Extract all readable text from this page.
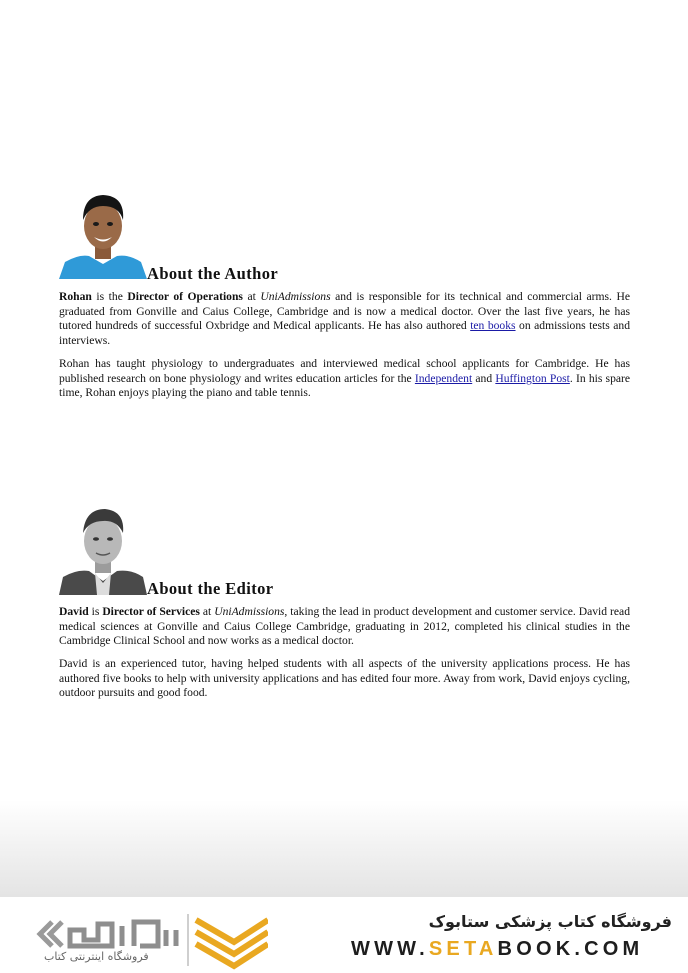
About the Author

Rohan is the Director of Operations at UniAdmissions and is responsible for its technical and commercial arms. He graduated from Gonville and Caius College, Cambridge and is now a medical doctor. Over the last five years, he has tutored hundreds of successful Oxbridge and Medical applicants. He has also authored ten books on admissions tests and interviews.

Rohan has taught physiology to undergraduates and interviewed medical school applicants for Cambridge. He has published research on bone physiology and writes education articles for the Independent and Huffington Post. In his spare time, Rohan enjoys playing the piano and table tennis.

About the Editor

David is Director of Services at UniAdmissions, taking the lead in product development and customer service. David read medical sciences at Gonville and Caius College Cambridge, graduating in 2012, completed his clinical studies in the Cambridge Clinical School and now works as a medical doctor.

David is an experienced tutor, having helped students with all aspects of the university applications process. He has authored five books to help with university applications and has edited four more. Away from work, David enjoys cycling, outdoor pursuits and good food.

فروشگاه اینترنتی کتاب
فروشگاه کتاب پزشکی ستابوک
WWW.SETABOOK.COM
